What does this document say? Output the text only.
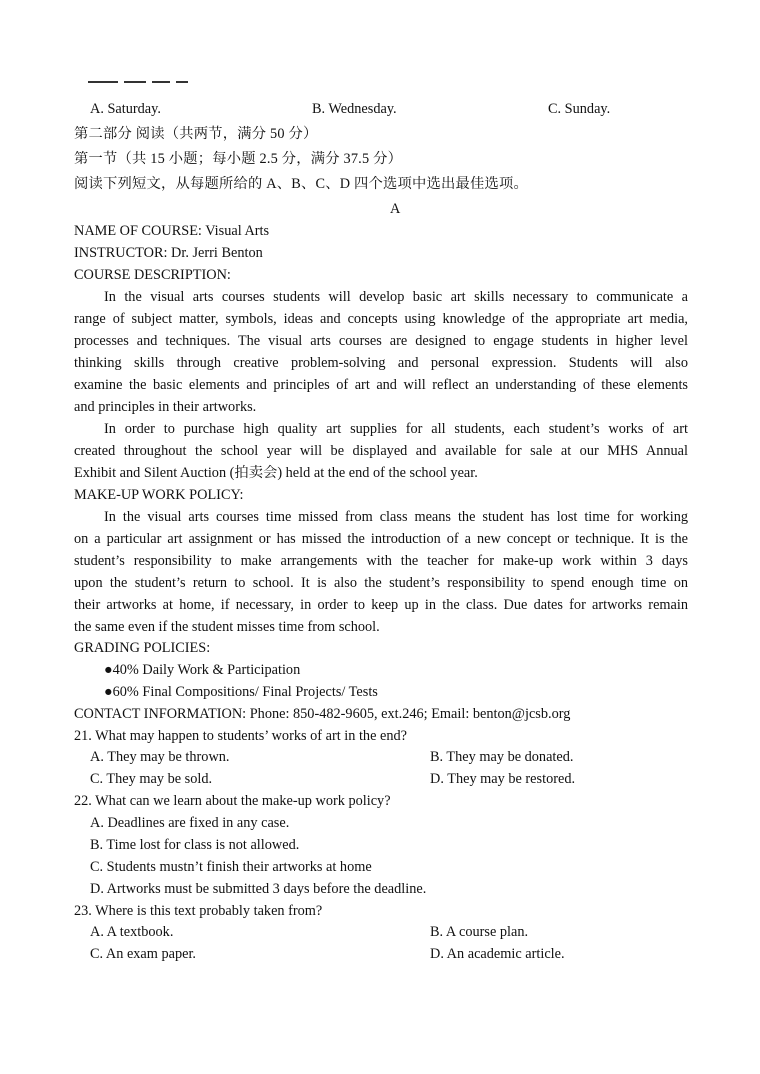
A. Saturday.	B. Wednesday.	C. Sunday.
第二部分 阅读（共两节，满分 50 分）
第一节（共 15 小题；每小题 2.5 分，满分 37.5 分）
阅读下列短文，从每题所给的 A、B、C、D 四个选项中选出最佳选项。
A
NAME OF COURSE: Visual Arts
INSTRUCTOR: Dr. Jerri Benton
COURSE DESCRIPTION:
In the visual arts courses students will develop basic art skills necessary to communicate a
range of subject matter, symbols, ideas and concepts using knowledge of the appropriate art media,
processes and techniques. The visual arts courses are designed to engage students in higher level
thinking skills through creative problem-solving and personal expression. Students will also
examine the basic elements and principles of art and will reflect an understanding of these elements
and principles in their artworks.
In order to purchase high quality art supplies for all students, each student’s works of art
created throughout the school year will be displayed and available for sale at our MHS Annual
Exhibit and Silent Auction (拍卖会) held at the end of the school year.
MAKE-UP WORK POLICY:
In the visual arts courses time missed from class means the student has lost time for working
on a particular art assignment or has missed the introduction of a new concept or technique. It is the
student’s responsibility to make arrangements with the teacher for make-up work within 3 days
upon the student’s return to school. It is also the student’s responsibility to spend enough time on
their artworks at home, if necessary, in order to keep up in the class. Due dates for artworks remain
the same even if the student misses time from school.
GRADING POLICIES:
●40% Daily Work & Participation
●60% Final Compositions/ Final Projects/ Tests
CONTACT INFORMATION: Phone: 850-482-9605, ext.246; Email: benton@jcsb.org
21. What may happen to students’ works of art in the end?
A. They may be thrown.	B. They may be donated.
C. They may be sold.	D. They may be restored.
22. What can we learn about the make-up work policy?
A. Deadlines are fixed in any case.
B. Time lost for class is not allowed.
C. Students mustn’t finish their artworks at home
D. Artworks must be submitted 3 days before the deadline.
23. Where is this text probably taken from?
A. A textbook.	B. A course plan.
C. An exam paper.	D. An academic article.
